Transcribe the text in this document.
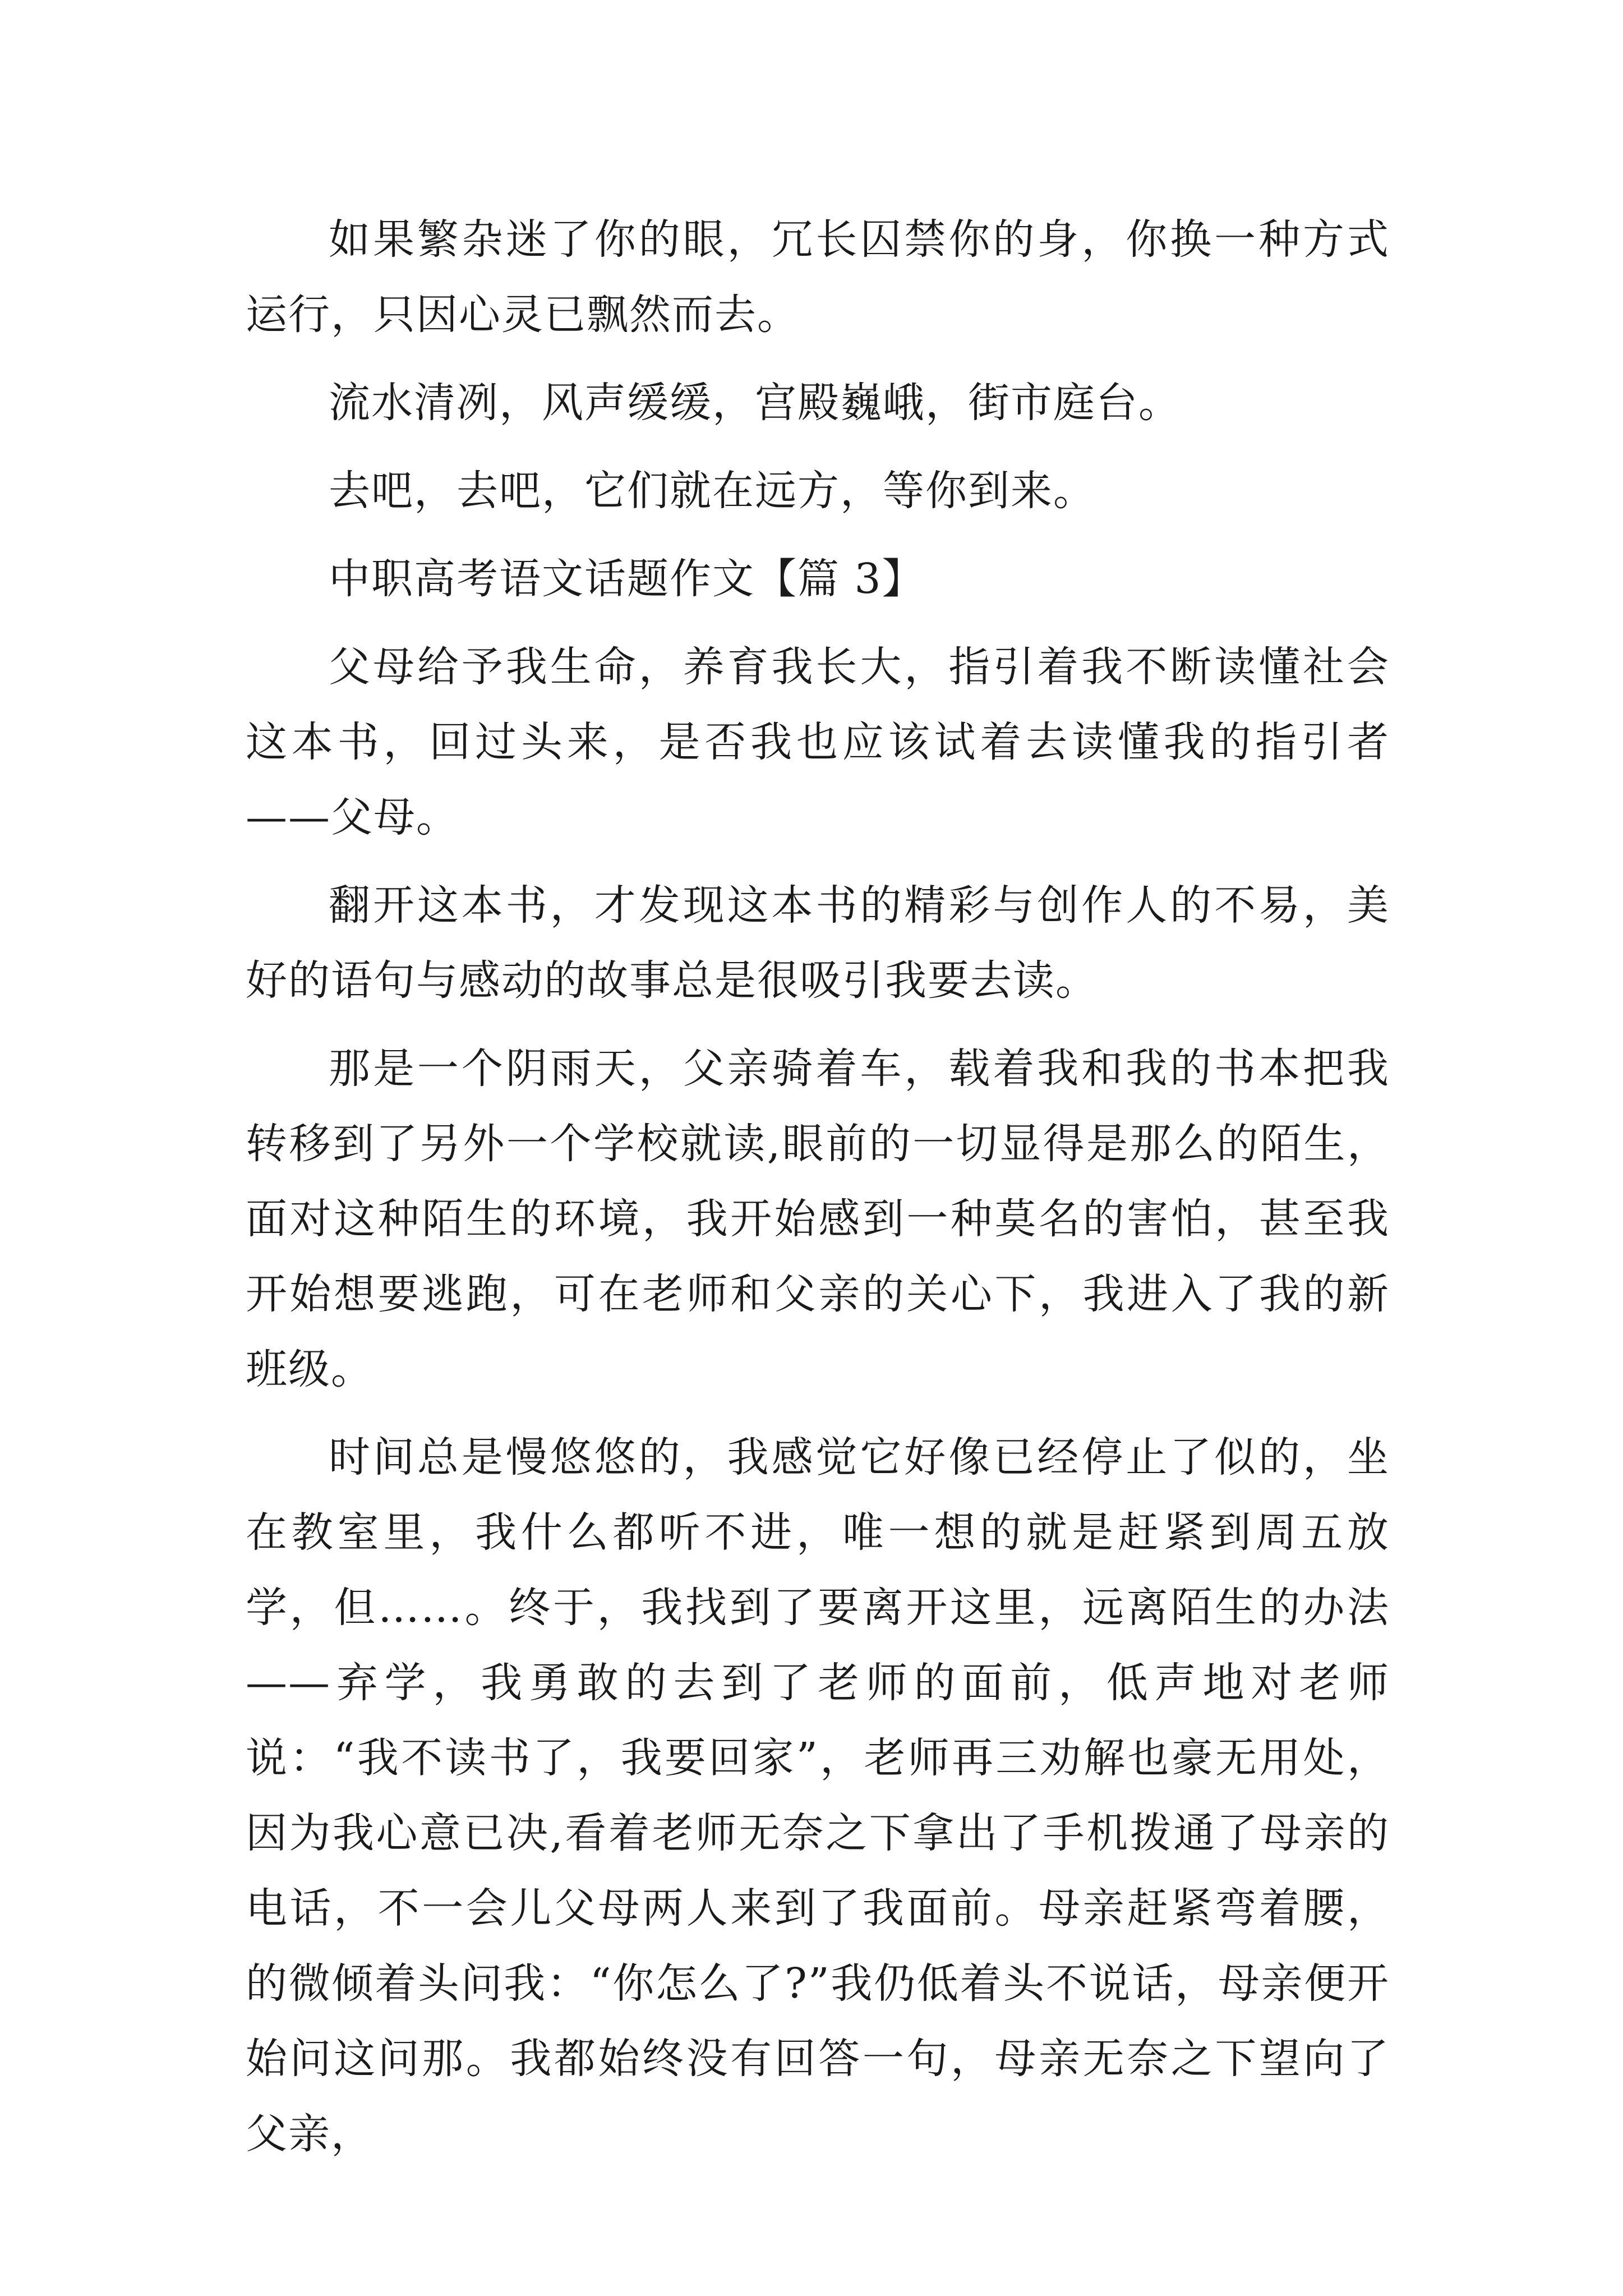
如果繁杂迷了你的眼，冗长囚禁你的身，你换一种方式运行，只因心灵已飘然而去。

流水清冽，风声缓缓，宫殿巍峨，街市庭台。

去吧，去吧，它们就在远方，等你到来。

中职高考语文话题作文【篇 3】

父母给予我生命，养育我长大，指引着我不断读懂社会这本书，回过头来，是否我也应该试着去读懂我的指引者——父母。

翻开这本书，才发现这本书的精彩与创作人的不易，美好的语句与感动的故事总是很吸引我要去读。

那是一个阴雨天，父亲骑着车，载着我和我的书本把我转移到了另外一个学校就读,眼前的一切显得是那么的陌生，面对这种陌生的环境，我开始感到一种莫名的害怕，甚至我开始想要逃跑，可在老师和父亲的关心下，我进入了我的新班级。

时间总是慢悠悠的，我感觉它好像已经停止了似的，坐在教室里，我什么都听不进，唯一想的就是赶紧到周五放学，但……。终于，我找到了要离开这里，远离陌生的办法——弃学，我勇敢的去到了老师的面前，低声地对老师说：“我不读书了，我要回家”，老师再三劝解也豪无用处，因为我心意已决,看着老师无奈之下拿出了手机拨通了母亲的电话，不一会儿父母两人来到了我面前。母亲赶紧弯着腰，的微倾着头问我：“你怎么了?”我仍低着头不说话，母亲便开始问这问那。我都始终没有回答一句，母亲无奈之下望向了父亲，
